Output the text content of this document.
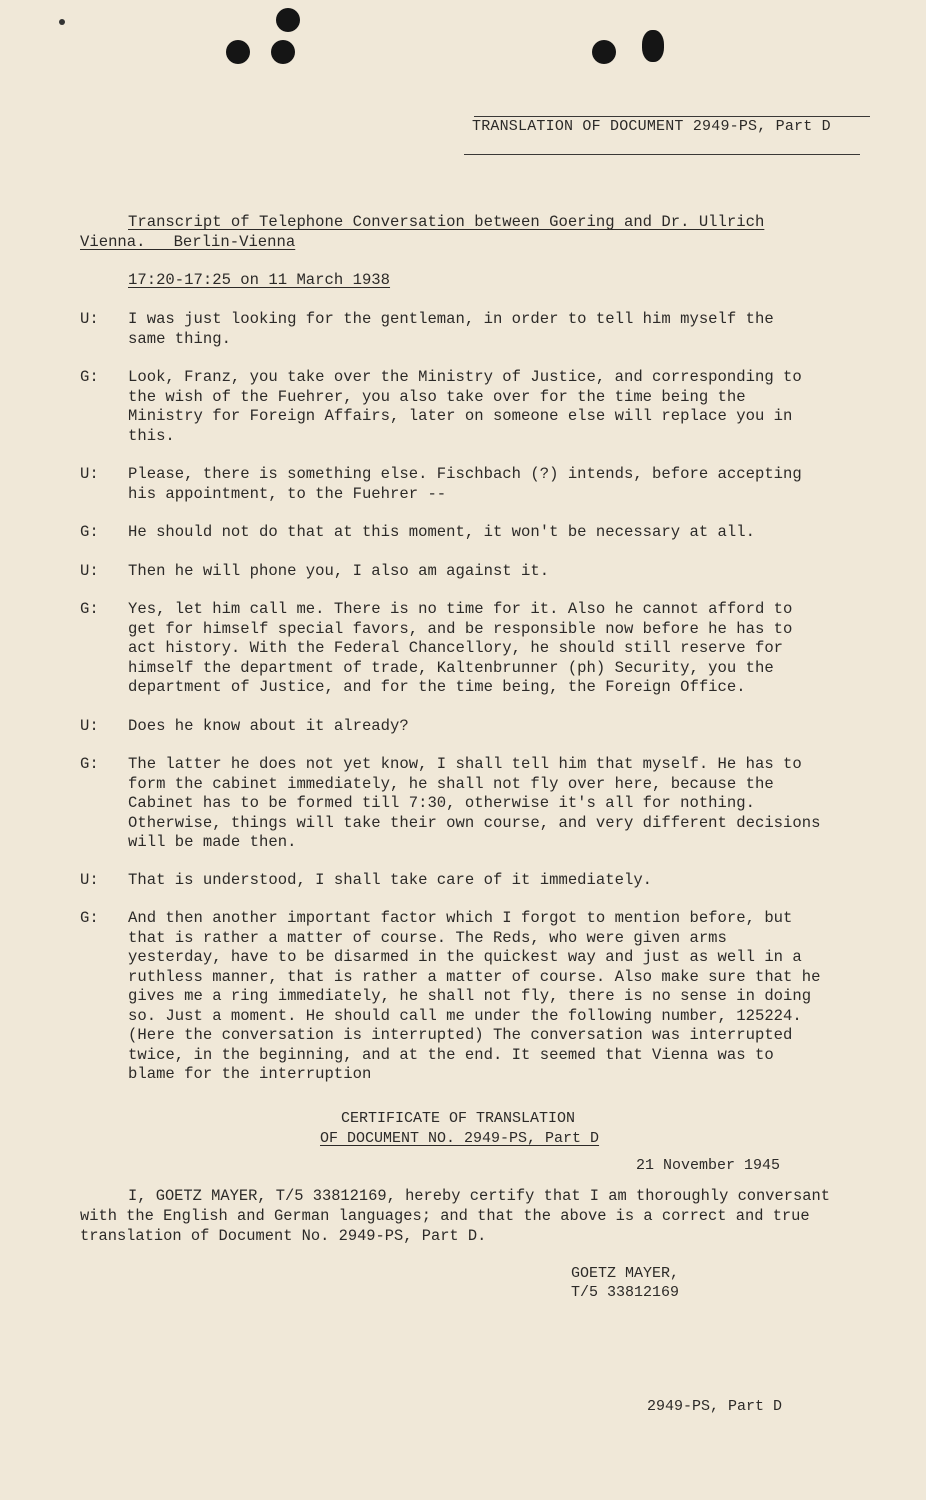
TRANSLATION OF DOCUMENT 2949-PS, Part D
Transcript of Telephone Conversation between Goering and Dr. Ullrich
Vienna.   Berlin-Vienna
17:20-17:25 on 11 March 1938
U: I was just looking for the gentleman, in order to tell him myself the same thing.
G: Look, Franz, you take over the Ministry of Justice, and corresponding to the wish of the Fuehrer, you also take over for the time being the Ministry for Foreign Affairs, later on someone else will replace you in this.
U: Please, there is something else. Fischbach (?) intends, before accepting his appointment, to the Fuehrer --
G: He should not do that at this moment, it won't be necessary at all.
U: Then he will phone you, I also am against it.
G: Yes, let him call me. There is no time for it. Also he cannot afford to get for himself special favors, and be responsible now before he has to act history. With the Federal Chancellory, he should still reserve for himself the department of trade, Kaltenbrunner (ph) Security, you the department of Justice, and for the time being, the Foreign Office.
U: Does he know about it already?
G: The latter he does not yet know, I shall tell him that myself. He has to form the cabinet immediately, he shall not fly over here, because the Cabinet has to be formed till 7:30, otherwise it's all for nothing. Otherwise, things will take their own course, and very different decisions will be made then.
U: That is understood, I shall take care of it immediately.
G: And then another important factor which I forgot to mention before, but that is rather a matter of course. The Reds, who were given arms yesterday, have to be disarmed in the quickest way and just as well in a ruthless manner, that is rather a matter of course. Also make sure that he gives me a ring immediately, he shall not fly, there is no sense in doing so. Just a moment. He should call me under the following number, 125224. (Here the conversation is interrupted) The conversation was interrupted twice, in the beginning, and at the end. It seemed that Vienna was to blame for the interruption
CERTIFICATE OF TRANSLATION
OF DOCUMENT NO. 2949-PS, Part D
21 November 1945
I, GOETZ MAYER, T/5 33812169, hereby certify that I am thoroughly conversant with the English and German languages; and that the above is a correct and true translation of Document No. 2949-PS, Part D.
GOETZ MAYER,
T/5 33812169
2949-PS, Part D
